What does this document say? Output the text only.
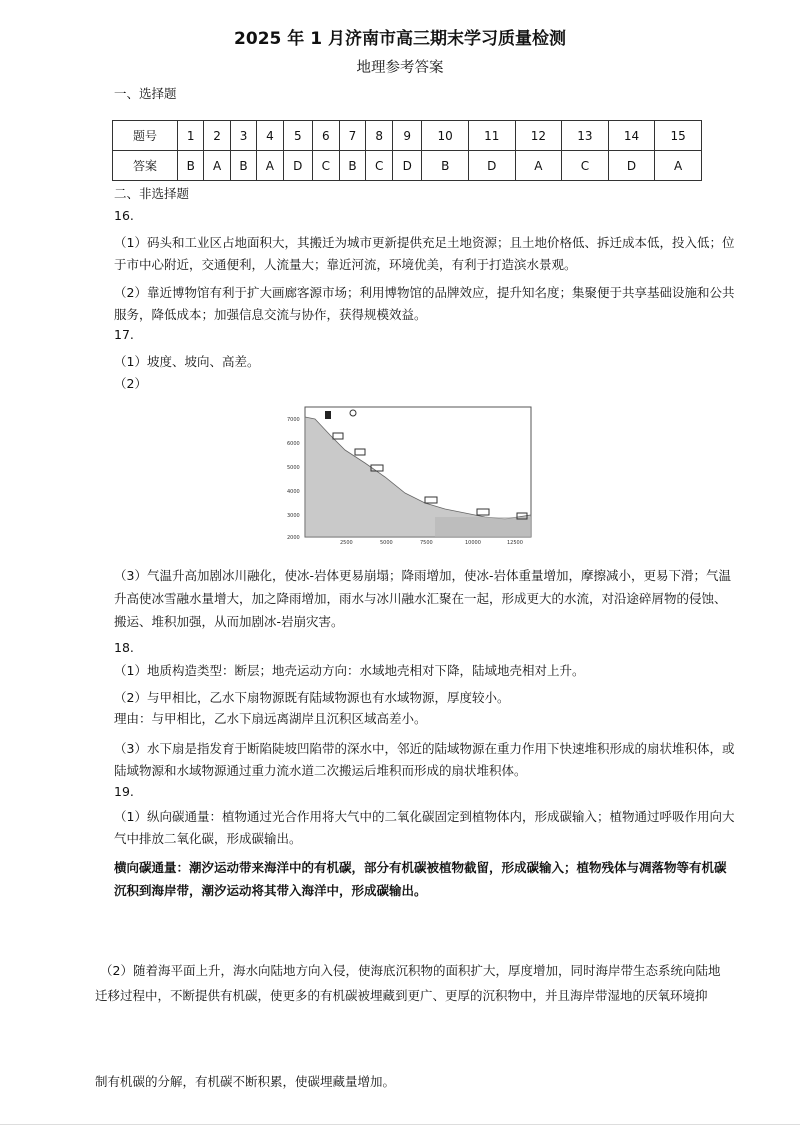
2025 年 1 月济南市高三期末学习质量检测
地理参考答案
一、选择题
题号	1	2	3	4	5	6	7	8	9	10	11	12	13	14	15
答案	B	A	B	A	D	C	B	C	D	B	D	A	C	D	A
二、非选择题
16.
（1）码头和工业区占地面积大，其搬迁为城市更新提供充足土地资源；且土地价格低、拆迁成本低，投入低；位
于市中心附近，交通便利，人流量大；靠近河流，环境优美，有利于打造滨水景观。
（2）靠近博物馆有利于扩大画廊客源市场；利用博物馆的品牌效应，提升知名度；集聚便于共享基础设施和公共
服务，降低成本；加强信息交流与协作，获得规模效益。
17.
（1）坡度、坡向、高差。
（2）
7000
6000
5000
4000
3000
2000
2500	5000	7500	10000	12500
（3）气温升高加剧冰川融化，使冰-岩体更易崩塌；降雨增加，使冰-岩体重量增加，摩擦减小，更易下滑；气温
升高使冰雪融水量增大，加之降雨增加，雨水与冰川融水汇聚在一起，形成更大的水流，对沿途碎屑物的侵蚀、
搬运、堆积加强，从而加剧冰-岩崩灾害。
18.
（1）地质构造类型：断层；地壳运动方向：水域地壳相对下降，陆域地壳相对上升。
（2）与甲相比，乙水下扇物源既有陆域物源也有水域物源，厚度较小。
理由：与甲相比，乙水下扇远离湖岸且沉积区域高差小。
（3）水下扇是指发育于断陷陡坡凹陷带的深水中，邻近的陆域物源在重力作用下快速堆积形成的扇状堆积体，或
陆域物源和水域物源通过重力流水道二次搬运后堆积而形成的扇状堆积体。
19.
（1）纵向碳通量：植物通过光合作用将大气中的二氧化碳固定到植物体内，形成碳输入；植物通过呼吸作用向大
气中排放二氧化碳，形成碳输出。
横向碳通量：潮汐运动带来海洋中的有机碳，部分有机碳被植物截留，形成碳输入；植物残体与凋落物等有机碳
沉积到海岸带，潮汐运动将其带入海洋中，形成碳输出。
（2）随着海平面上升，海水向陆地方向入侵，使海底沉积物的面积扩大，厚度增加，同时海岸带生态系统向陆地
迁移过程中，不断提供有机碳，使更多的有机碳被埋藏到更广、更厚的沉积物中，并且海岸带湿地的厌氧环境抑
制有机碳的分解，有机碳不断积累，使碳埋藏量增加。
